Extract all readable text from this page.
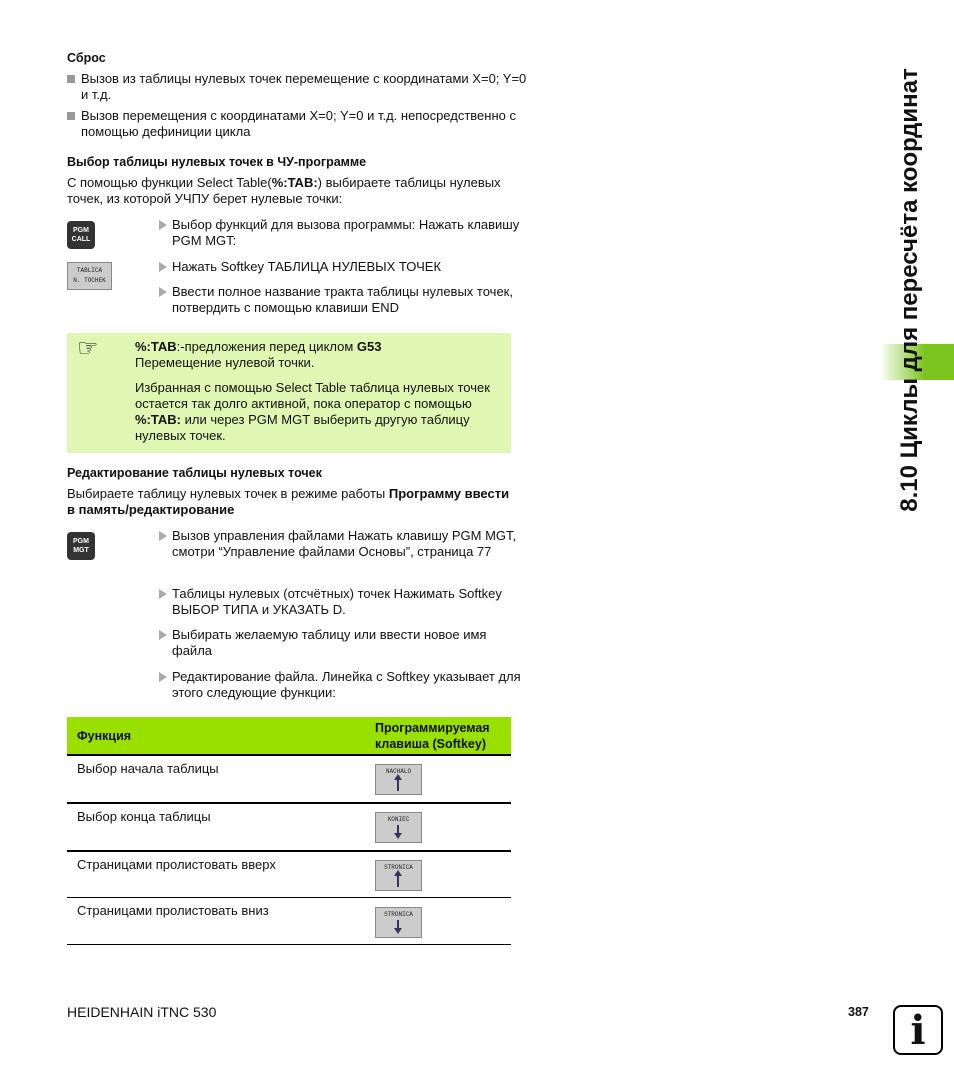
8.10 Циклы для пересчёта координат
Сброс
Вызов из таблицы нулевых точек перемещение с координатами X=0; Y=0 и т.д.
Вызов перемещения с координатами X=0; Y=0 и т.д. непосредственно с помощью дефиниции цикла
Выбор таблицы нулевых точек в ЧУ-программе
С помощью функции Select Table(%:TAB:) выбираете таблицы нулевых точек, из которой УЧПУ берет нулевые точки:
PGM
CALL
TABLICA
N. TOCHEK
Выбор функций для вызова программы: Нажать клавишу PGM MGT:
Нажать Softkey ТАБЛИЦА НУЛЕВЫХ ТОЧЕК
Ввести полное название тракта таблицы нулевых точек, потвердить с помощью клавиши END
☞	%:TAB:-предложения перед циклом G53
Перемещение нулевой точки.
Избранная с помощью Select Table таблица нулевых точек остается так долго активной, пока оператор с помощью %:TAB: или через PGM MGT выберить другую таблицу нулевых точек.
Редактирование таблицы нулевых точек
Выбираете таблицу нулевых точек в режиме работы Программу ввести в память/редактирование
PGM
MGT
Вызов управления файлами Нажать клавишу PGM MGT, смотри “Управление файлами Основы”, страница 77
Таблицы нулевых (отсчётных) точек Нажимать Softkey ВЫБОР ТИПА и УКАЗАТЬ D.
Выбирать желаемую таблицу или ввести новое имя файла
Редактирование файла. Линейка с Softkey указывает для этого следующие функции:
Функция
Программируемая клавиша (Softkey)
Выбор начала таблицы	NACHALO
Выбор конца таблицы	KONIEC
Страницами пролистовать вверх	STRONICA
Страницами пролистовать вниз	STRONICA
HEIDENHAIN iTNC 530	387	i
